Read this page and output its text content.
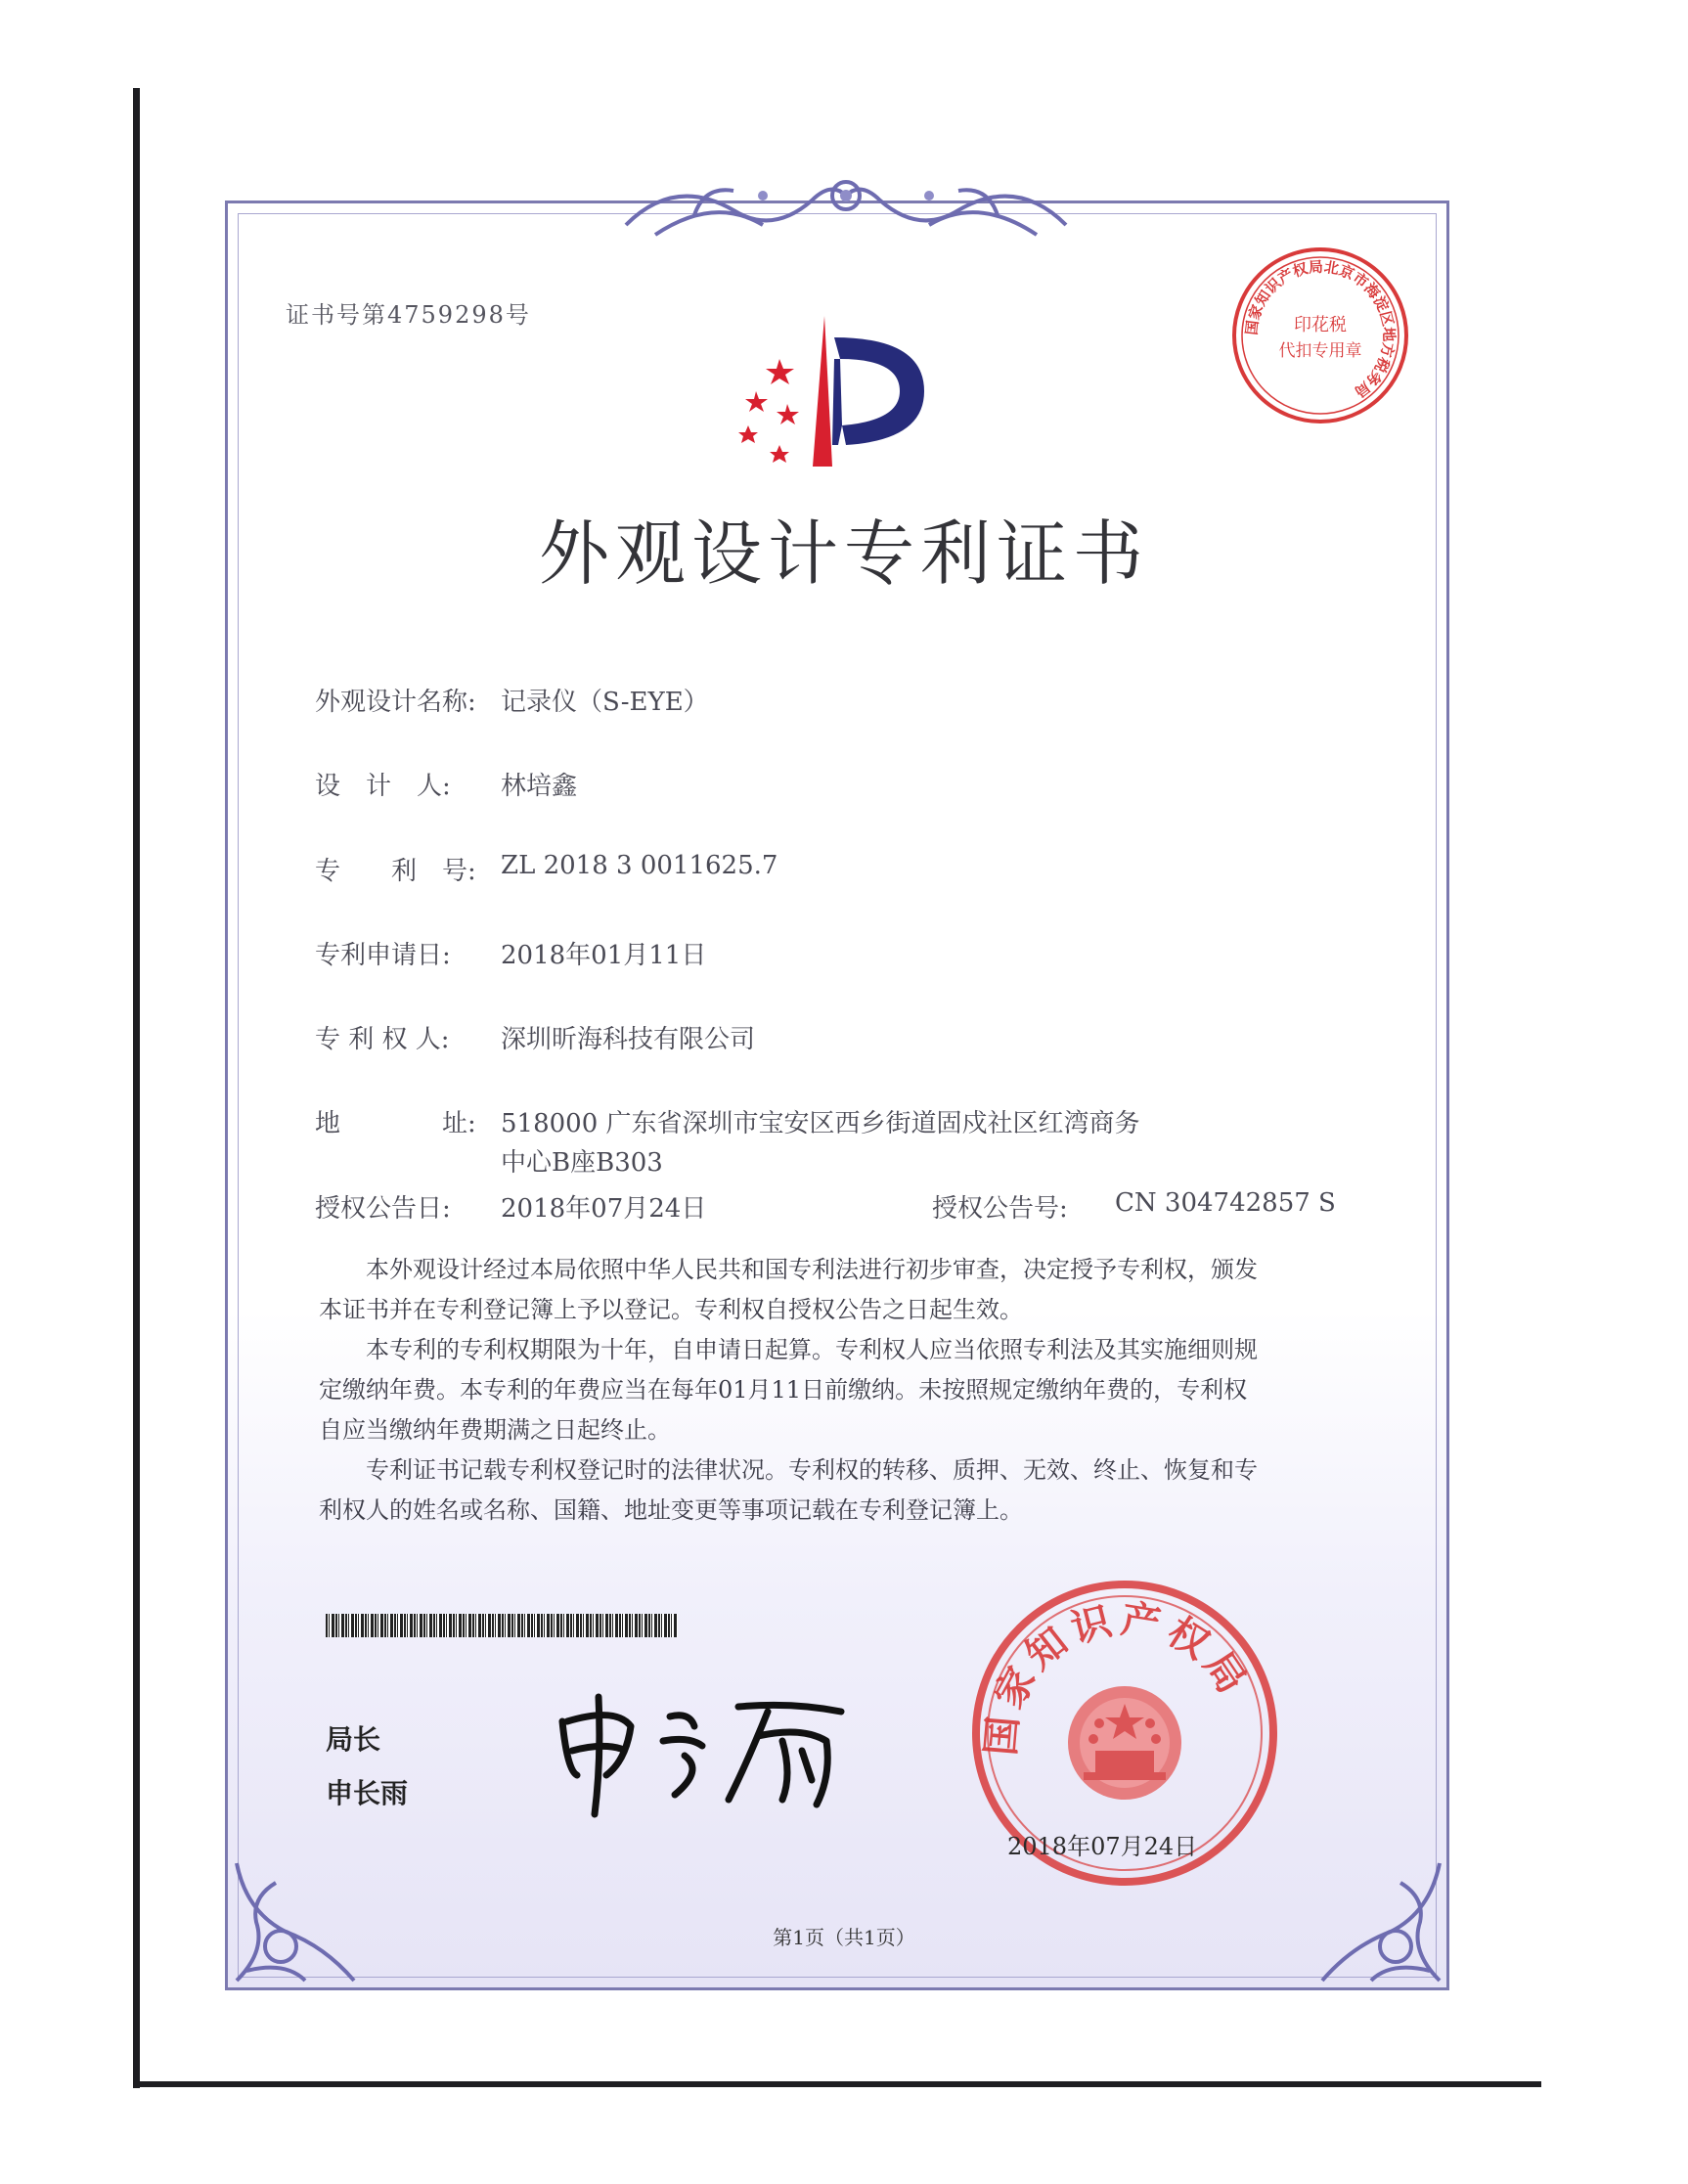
证书号第4759298号
外观设计专利证书
国家知识产权局北京市海淀区地方税务局
印花税
代扣专用章
外观设计名称: 记录仪（S-EYE）
设　计　人: 林培鑫
专　　利　号: ZL 2018 3 0011625.7
专利申请日: 2018年01月11日
专 利 权 人: 深圳昕海科技有限公司
地　　　　址: 518000 广东省深圳市宝安区西乡街道固戍社区红湾商务
中心B座B303
授权公告日: 2018年07月24日	授权公告号: CN 304742857 S
本外观设计经过本局依照中华人民共和国专利法进行初步审查，决定授予专利权，颁发
本证书并在专利登记簿上予以登记。专利权自授权公告之日起生效。
本专利的专利权期限为十年，自申请日起算。专利权人应当依照专利法及其实施细则规
定缴纳年费。本专利的年费应当在每年01月11日前缴纳。未按照规定缴纳年费的，专利权
自应当缴纳年费期满之日起终止。
专利证书记载专利权登记时的法律状况。专利权的转移、质押、无效、终止、恢复和专
利权人的姓名或名称、国籍、地址变更等事项记载在专利登记簿上。
局长
申长雨
国家知识产权局
2018年07月24日
第1页（共1页）
